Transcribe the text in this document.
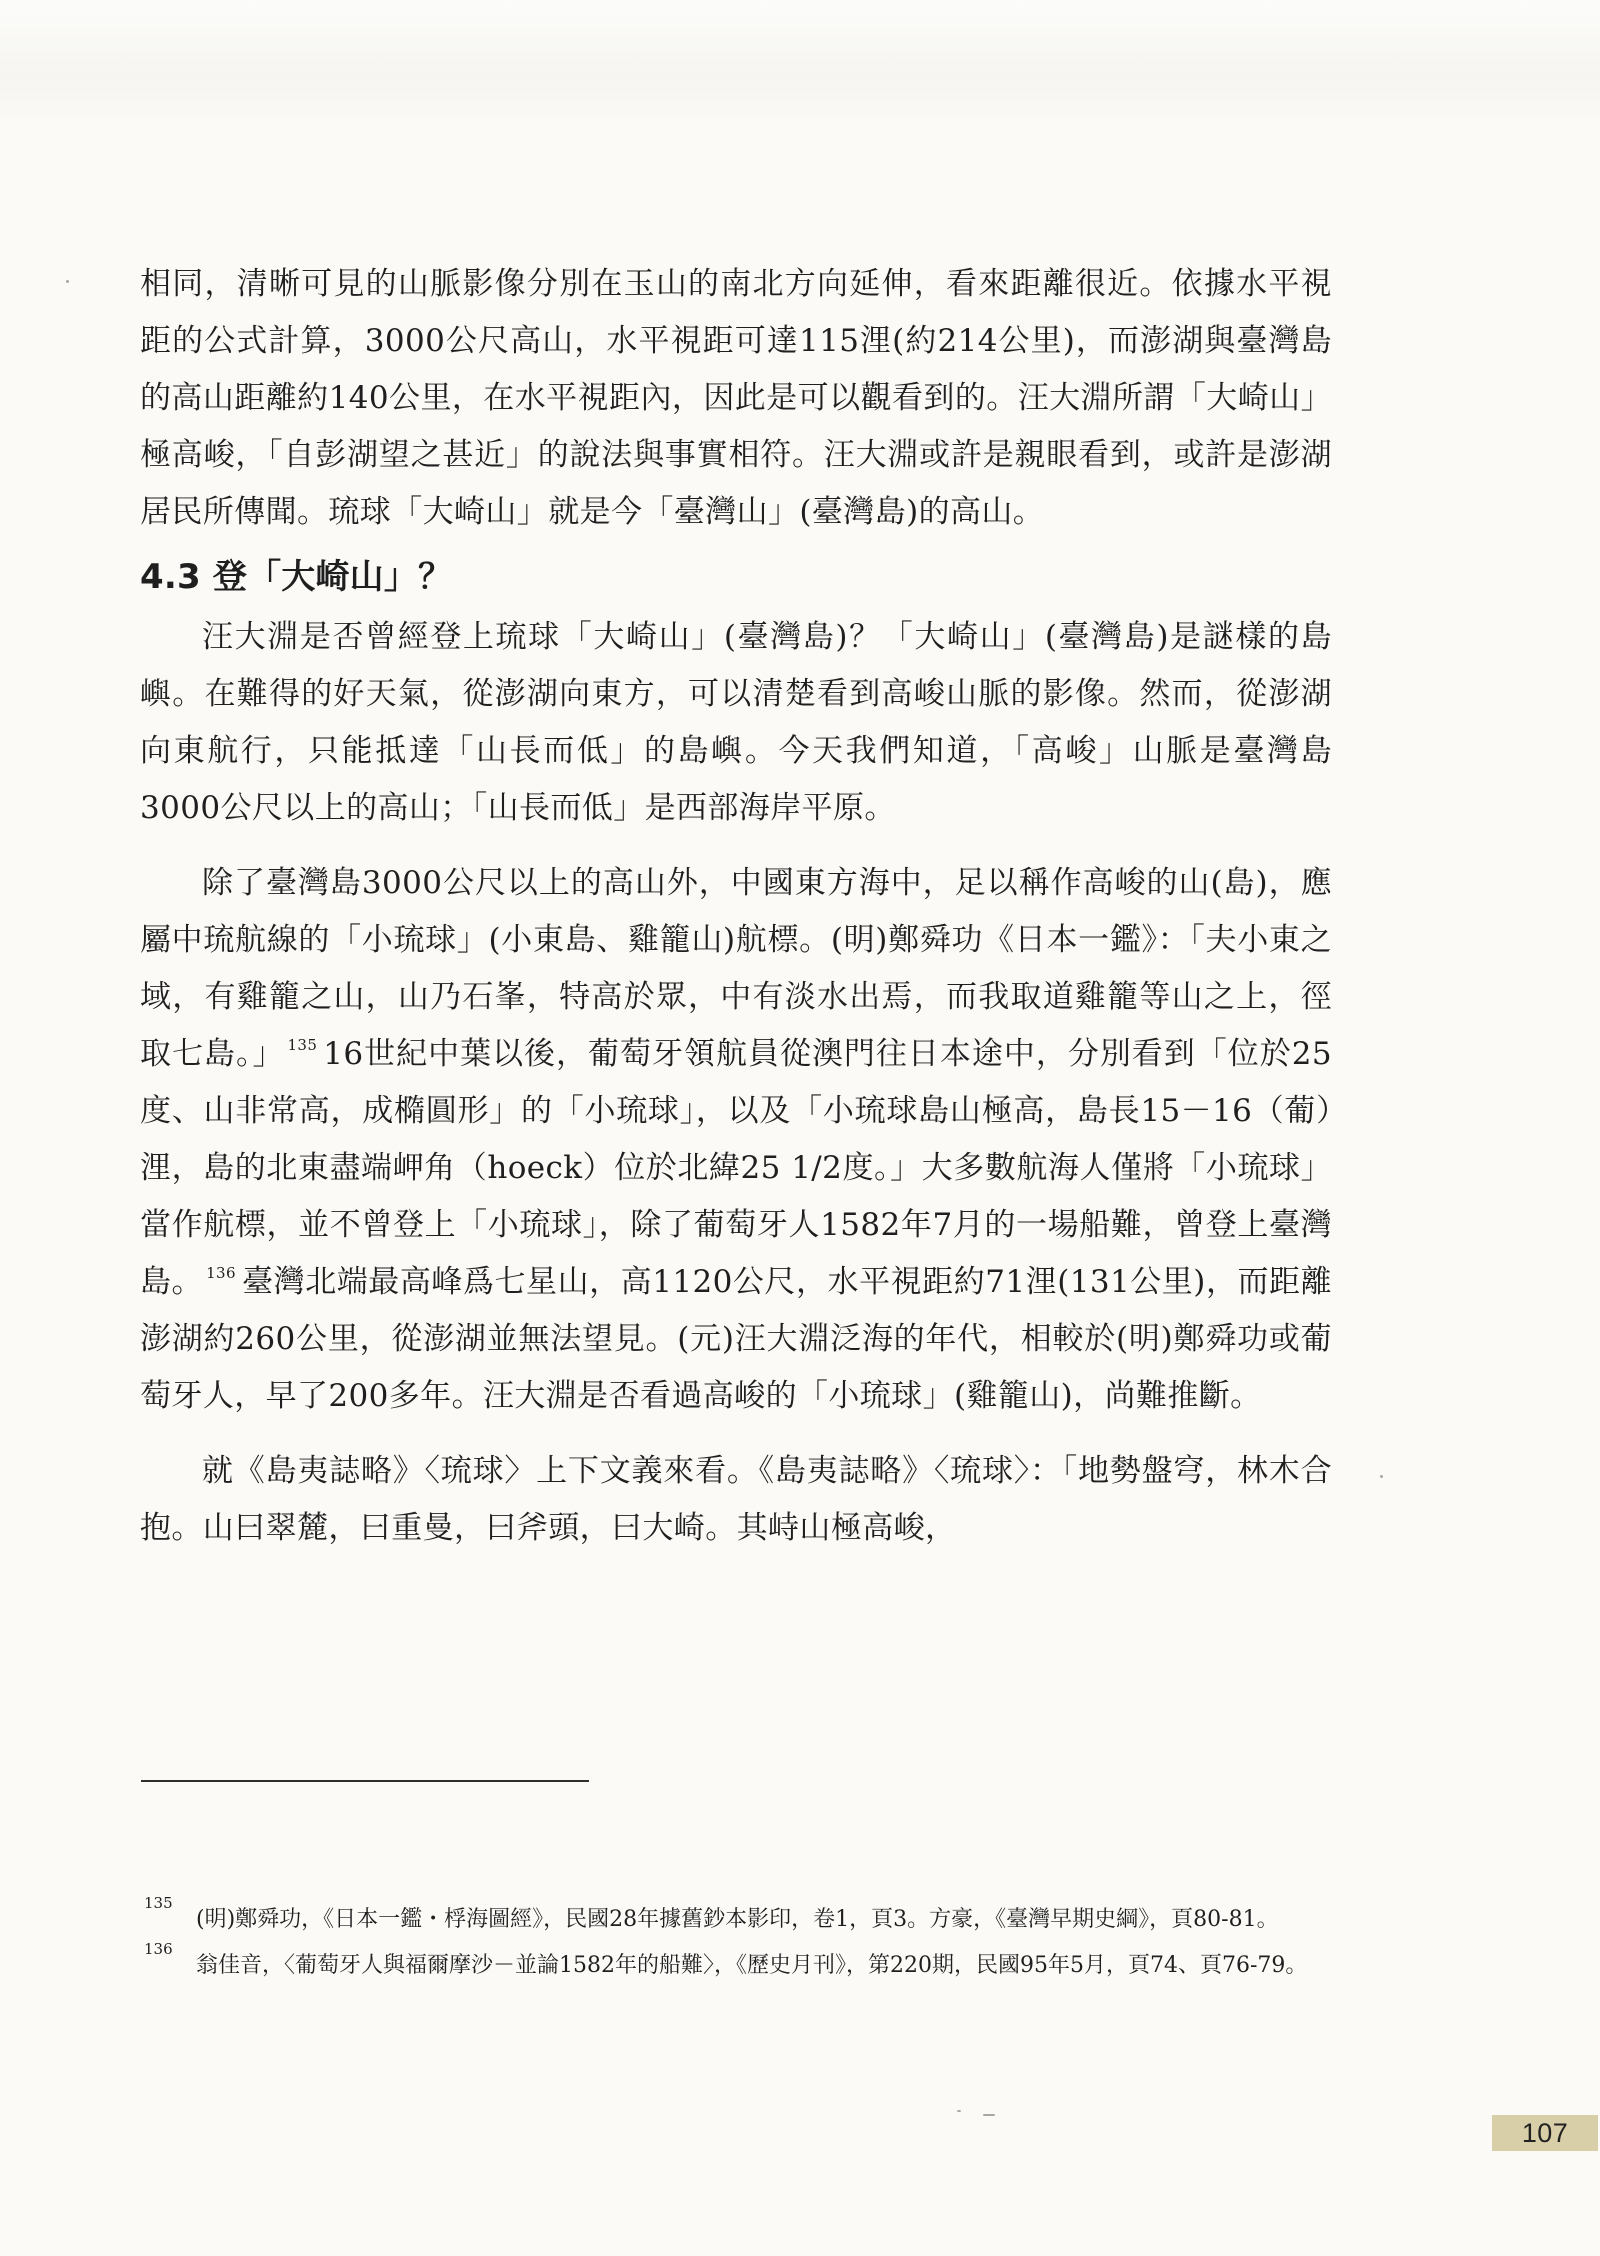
相同，清晰可見的山脈影像分別在玉山的南北方向延伸，看來距離很近。依據水平視距的公式計算，3000公尺高山，水平視距可達115浬(約214公里)，而澎湖與臺灣島的高山距離約140公里，在水平視距內，因此是可以觀看到的。汪大淵所謂「大崎山」極高峻，「自彭湖望之甚近」的說法與事實相符。汪大淵或許是親眼看到，或許是澎湖居民所傳聞。琉球「大崎山」就是今「臺灣山」(臺灣島)的高山。

4.3 登「大崎山」？

汪大淵是否曾經登上琉球「大崎山」(臺灣島)？「大崎山」(臺灣島)是謎樣的島嶼。在難得的好天氣，從澎湖向東方，可以清楚看到高峻山脈的影像。然而，從澎湖向東航行，只能抵達「山長而低」的島嶼。今天我們知道，「高峻」山脈是臺灣島3000公尺以上的高山；「山長而低」是西部海岸平原。

除了臺灣島3000公尺以上的高山外，中國東方海中，足以稱作高峻的山(島)，應屬中琉航線的「小琉球」(小東島、雞籠山)航標。(明)鄭舜功《日本一鑑》：「夫小東之域，有雞籠之山，山乃石峯，特高於眾，中有淡水出焉，而我取道雞籠等山之上，徑取七島。」 $^{135}$ 16世紀中葉以後，葡萄牙領航員從澳門往日本途中，分別看到「位於25度、山非常高，成橢圓形」的「小琉球」，以及「小琉球島山極高，島長15－16（葡）浬，島的北東盡端岬角（hoeck）位於北緯25 1/2度。」大多數航海人僅將「小琉球」當作航標，並不曾登上「小琉球」，除了葡萄牙人1582年7月的一場船難，曾登上臺灣島。 $^{136}$ 臺灣北端最高峰爲七星山，高1120公尺，水平視距約71浬(131公里)，而距離澎湖約260公里，從澎湖並無法望見。(元)汪大淵泛海的年代，相較於(明)鄭舜功或葡萄牙人，早了200多年。汪大淵是否看過高峻的「小琉球」(雞籠山)，尚難推斷。

就《島夷誌略》〈琉球〉上下文義來看。《島夷誌略》〈琉球〉：「地勢盤穹，林木合抱。山曰翠麓，曰重曼，曰斧頭，曰大崎。其峙山極高峻，

135
(明)鄭舜功，《日本一鑑・桴海圖經》，民國28年據舊鈔本影印，卷1，頁3。方豪，《臺灣早期史綱》，頁80-81。

136
翁佳音，〈葡萄牙人與福爾摩沙－並論1582年的船難〉，《歷史月刊》，第220期，民國95年5月，頁74、頁76-79。

107
